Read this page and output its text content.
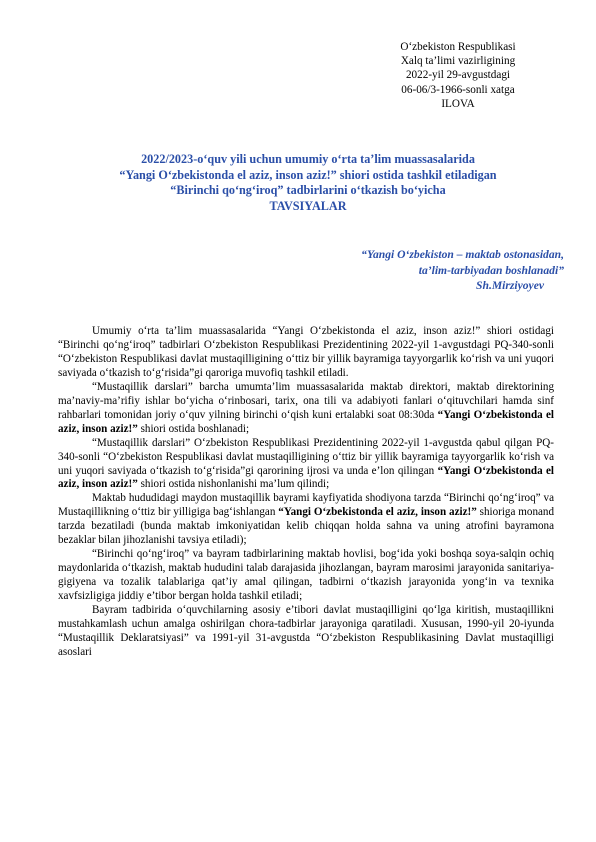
O‘zbekiston Respublikasi
Xalq ta’limi vazirligining
2022-yil 29-avgustdagi
06-06/3-1966-sonli xatga
ILOVA
2022/2023-o‘quv yili uchun umumiy o‘rta ta’lim muassasalarida
“Yangi O‘zbekistonda el aziz, inson aziz!” shiori ostida tashkil etiladigan
“Birinchi qo‘ng‘iroq” tadbirlarini o‘tkazish bo‘yicha
TAVSIYALAR
“Yangi O‘zbekiston – maktab ostonasidan,
ta’lim-tarbiyadan boshlanadi”
Sh.Mirziyoyev

Umumiy o‘rta ta’lim muassasalarida “Yangi O‘zbekistonda el aziz, inson aziz!” shiori ostidagi “Birinchi qo‘ng‘iroq” tadbirlari O‘zbekiston Respublikasi Prezidentining 2022-yil 1-avgustdagi PQ-340-sonli “O‘zbekiston Respublikasi davlat mustaqilligining o‘ttiz bir yillik bayramiga tayyorgarlik ko‘rish va uni yuqori saviyada o‘tkazish to‘g‘risida”gi qaroriga muvofiq tashkil etiladi.

“Mustaqillik darslari” barcha umumta’lim muassasalarida maktab direktori, maktab direktorining ma’naviy-ma’rifiy ishlar bo‘yicha o‘rinbosari, tarix, ona tili va adabiyoti fanlari o‘qituvchilari hamda sinf rahbarlari tomonidan joriy o‘quv yilning birinchi o‘qish kuni ertalabki soat 08:30da “Yangi O‘zbekistonda el aziz, inson aziz!” shiori ostida boshlanadi;

“Mustaqillik darslari” O‘zbekiston Respublikasi Prezidentining 2022-yil 1-avgustda qabul qilgan PQ-340-sonli “O‘zbekiston Respublikasi davlat mustaqilligining o‘ttiz bir yillik bayramiga tayyorgarlik ko‘rish va uni yuqori saviyada o‘tkazish to‘g‘risida”gi qarorining ijrosi va unda e’lon qilingan “Yangi O‘zbekistonda el aziz, inson aziz!” shiori ostida nishonlanishi ma’lum qilindi;

Maktab hududidagi maydon mustaqillik bayrami kayfiyatida shodiyona tarzda “Birinchi qo‘ng‘iroq” va Mustaqillikning o‘ttiz bir yilligiga bag‘ishlangan “Yangi O‘zbekistonda el aziz, inson aziz!” shioriga monand tarzda bezatiladi (bunda maktab imkoniyatidan kelib chiqqan holda sahna va uning atrofini bayramona bezaklar bilan jihozlanishi tavsiya etiladi);

“Birinchi qo‘ng‘iroq” va bayram tadbirlarining maktab hovlisi, bog‘ida yoki boshqa soya-salqin ochiq maydonlarida o‘tkazish, maktab hududini talab darajasida jihozlangan, bayram marosimi jarayonida sanitariya-gigiyena va tozalik talablariga qat’iy amal qilingan, tadbirni o‘tkazish jarayonida yong‘in va texnika xavfsizligiga jiddiy e’tibor bergan holda tashkil etiladi;

Bayram tadbirida o‘quvchilarning asosiy e’tibori davlat mustaqilligini qo‘lga kiritish, mustaqillikni mustahkamlash uchun amalga oshirilgan chora-tadbirlar jarayoniga qaratiladi. Xususan, 1990-yil 20-iyunda “Mustaqillik Deklaratsiyasi” va 1991-yil 31-avgustda “O‘zbekiston Respublikasining Davlat mustaqilligi asoslari
